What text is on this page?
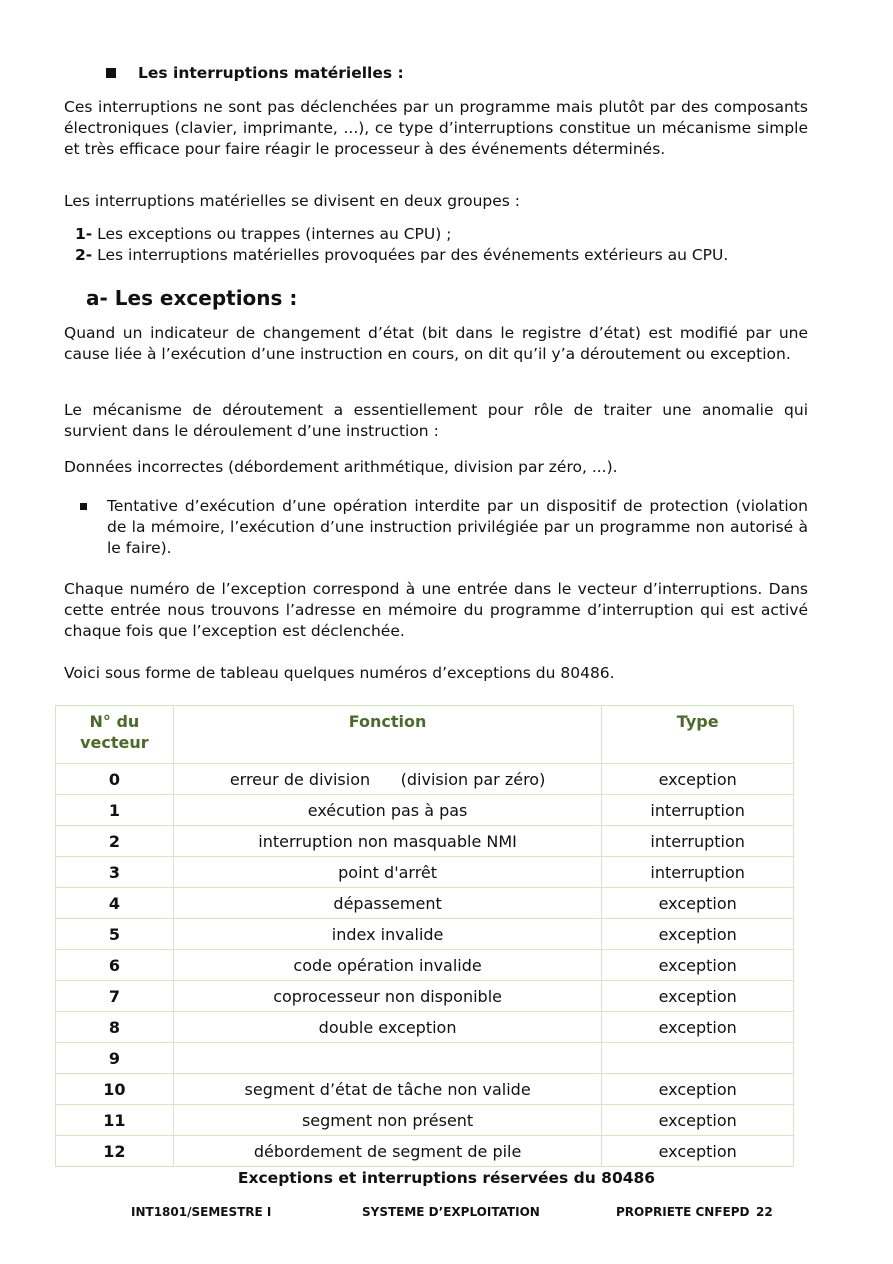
Les interruptions matérielles :

Ces interruptions ne sont pas déclenchées par un programme mais plutôt par des composants électroniques (clavier, imprimante, ...), ce type d’interruptions constitue un mécanisme simple et très efficace pour faire réagir le processeur à des événements déterminés.

Les interruptions matérielles se divisent en deux groupes :

1- Les exceptions ou trappes (internes au CPU) ;
2- Les interruptions matérielles provoquées par des événements extérieurs au CPU.
a- Les exceptions :

Quand un indicateur de changement d’état (bit dans le registre d’état) est modifié par une cause liée à l’exécution d’une instruction en cours, on dit qu’il y’a déroutement ou exception.

Le mécanisme de déroutement a essentiellement pour rôle de traiter une anomalie qui survient dans le déroulement d’une instruction :

Données incorrectes (débordement arithmétique, division par zéro, ...).

Tentative d’exécution d’une opération interdite par un dispositif de protection (violation de la mémoire, l’exécution d’une instruction privilégiée par un programme non autorisé à le faire).

Chaque numéro de l’exception correspond à une entrée dans le vecteur d’interruptions. Dans cette entrée nous trouvons l’adresse en mémoire du programme d’interruption qui est activé chaque fois que l’exception est déclenchée.

Voici sous forme de tableau quelques numéros d’exceptions du 80486.

N° du vecteur	Fonction	Type
0	erreur de division      (division par zéro)	exception
1	exécution pas à pas	interruption
2	interruption non masquable NMI	interruption
3	point d'arrêt	interruption
4	dépassement	exception
5	index invalide	exception
6	code opération invalide	exception
7	coprocesseur non disponible	exception
8	double exception	exception
9		
10	segment d’état de tâche non valide	exception
11	segment non présent	exception
12	débordement de segment de pile	exception
Exceptions et interruptions réservées du 80486
INT1801/SEMESTRE I	SYSTEME D’EXPLOITATION	PROPRIETE CNFEPD 22
